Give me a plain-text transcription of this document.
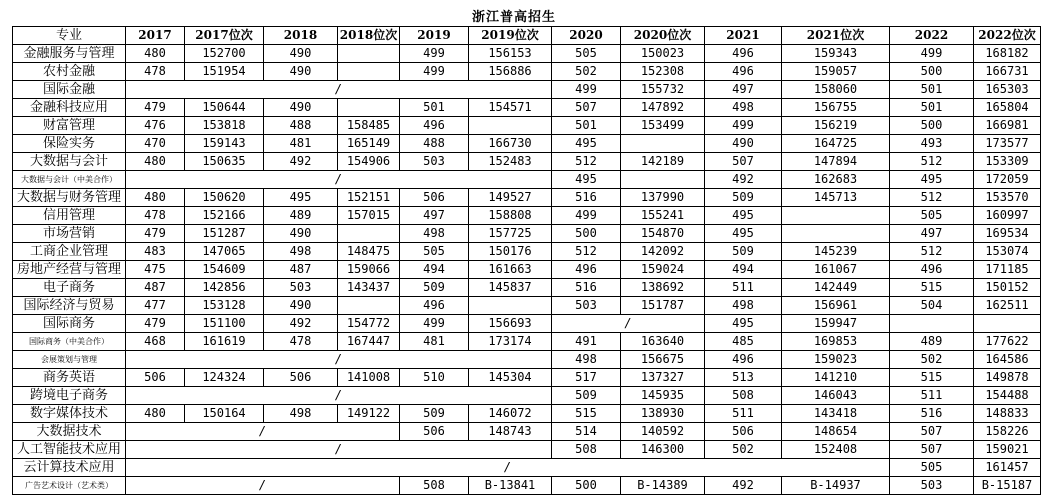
浙江普高招生
专业	2017	2017位次	2018	2018位次	2019	2019位次	2020	2020位次	2021	2021位次	2022	2022位次
金融服务与管理	480	152700	490		499	156153	505	150023	496	159343	499	168182
农村金融	478	151954	490		499	156886	502	152308	496	159057	500	166731
国际金融	/						499	155732	497	158060	501	165303
金融科技应用	479	150644	490		501	154571	507	147892	498	156755	501	165804
财富管理	476	153818	488	158485	496		501	153499	499	156219	500	166981
保险实务	470	159143	481	165149	488	166730	495		490	164725	493	173577
大数据与会计	480	150635	492	154906	503	152483	512	142189	507	147894	512	153309
大数据与会计（中美合作）	/						495		492	162683	495	172059
大数据与财务管理	480	150620	495	152151	506	149527	516	137990	509	145713	512	153570
信用管理	478	152166	489	157015	497	158808	499	155241	495		505	160997
市场营销	479	151287	490		498	157725	500	154870	495		497	169534
工商企业管理	483	147065	498	148475	505	150176	512	142092	509	145239	512	153074
房地产经营与管理	475	154609	487	159066	494	161663	496	159024	494	161067	496	171185
电子商务	487	142856	503	143437	509	145837	516	138692	511	142449	515	150152
国际经济与贸易	477	153128	490		496		503	151787	498	156961	504	162511
国际商务	479	151100	492	154772	499	156693	/		495	159947		
国际商务（中美合作）	468	161619	478	167447	481	173174	491	163640	485	169853	489	177622
会展策划与管理	/						498	156675	496	159023	502	164586
商务英语	506	124324	506	141008	510	145304	517	137327	513	141210	515	149878
跨境电子商务	/						509	145935	508	146043	511	154488
数字媒体技术	480	150164	498	149122	509	146072	515	138930	511	143418	516	148833
大数据技术	/				506	148743	514	140592	506	148654	507	158226
人工智能技术应用	/						508	146300	502	152408	507	159021
云计算技术应用	/										505	161457
广告艺术设计（艺术类）	/				508	B-13841	500	B-14389	492	B-14937	503	B-15187
